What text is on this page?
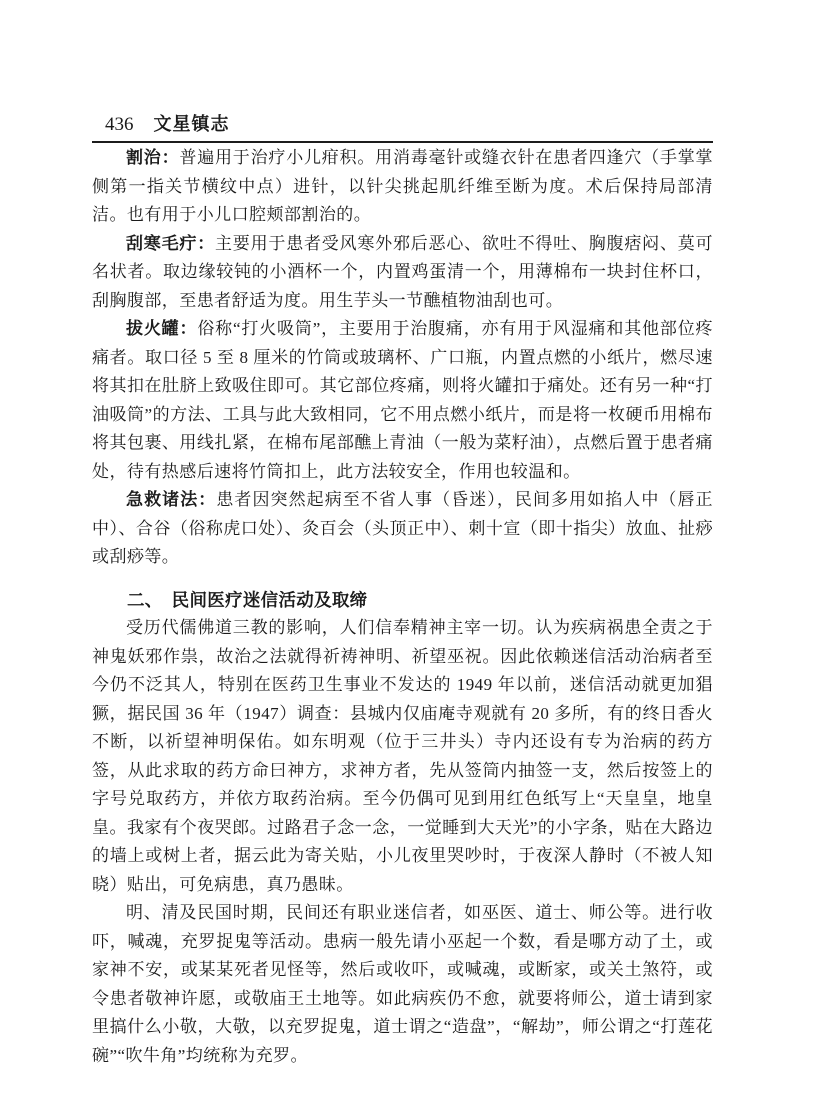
436 文星镇志

割治：普遍用于治疗小儿疳积。用消毒毫针或缝衣针在患者四逢穴（手掌掌侧第一指关节横纹中点）进针，以针尖挑起肌纤维至断为度。术后保持局部清洁。也有用于小儿口腔颊部割治的。

刮寒毛疔：主要用于患者受风寒外邪后恶心、欲吐不得吐、胸腹痞闷、莫可名状者。取边缘较钝的小酒杯一个，内置鸡蛋清一个，用薄棉布一块封住杯口，刮胸腹部，至患者舒适为度。用生芋头一节醮植物油刮也可。

拔火罐：俗称“打火吸筒”，主要用于治腹痛，亦有用于风湿痛和其他部位疼痛者。取口径 5 至 8 厘米的竹筒或玻璃杯、广口瓶，内置点燃的小纸片，燃尽速将其扣在肚脐上致吸住即可。其它部位疼痛，则将火罐扣于痛处。还有另一种“打油吸筒”的方法、工具与此大致相同，它不用点燃小纸片，而是将一枚硬币用棉布将其包裹、用线扎紧，在棉布尾部醮上青油（一般为菜籽油），点燃后置于患者痛处，待有热感后速将竹筒扣上，此方法较安全，作用也较温和。

急救诸法：患者因突然起病至不省人事（昏迷），民间多用如掐人中（唇正中）、合谷（俗称虎口处）、灸百会（头顶正中）、刺十宣（即十指尖）放血、扯痧或刮痧等。

二、 民间医疗迷信活动及取缔

受历代儒佛道三教的影响，人们信奉精神主宰一切。认为疾病祸患全责之于神鬼妖邪作祟，故治之法就得祈祷神明、祈望巫祝。因此依赖迷信活动治病者至今仍不泛其人，特别在医药卫生事业不发达的 1949 年以前，迷信活动就更加猖獗，据民国 36 年（1947）调查：县城内仅庙庵寺观就有 20 多所，有的终日香火不断，以祈望神明保佑。如东明观（位于三井头）寺内还设有专为治病的药方签，从此求取的药方命曰神方，求神方者，先从签筒内抽签一支，然后按签上的字号兑取药方，并依方取药治病。至今仍偶可见到用红色纸写上“天皇皇，地皇皇。我家有个夜哭郎。过路君子念一念，一觉睡到大天光”的小字条，贴在大路边的墙上或树上者，据云此为寄关贴，小儿夜里哭吵时，于夜深人静时（不被人知晓）贴出，可免病患，真乃愚昧。

明、清及民国时期，民间还有职业迷信者，如巫医、道士、师公等。进行收吓，喊魂，充罗捉鬼等活动。患病一般先请小巫起一个数，看是哪方动了土，或家神不安，或某某死者见怪等，然后或收吓，或喊魂，或断家，或关土煞符，或令患者敬神许愿，或敬庙王土地等。如此病疾仍不愈，就要将师公，道士请到家里搞什么小敬，大敬，以充罗捉鬼，道士谓之“造盘”，“解劫”，师公谓之“打莲花碗”“吹牛角”均统称为充罗。
